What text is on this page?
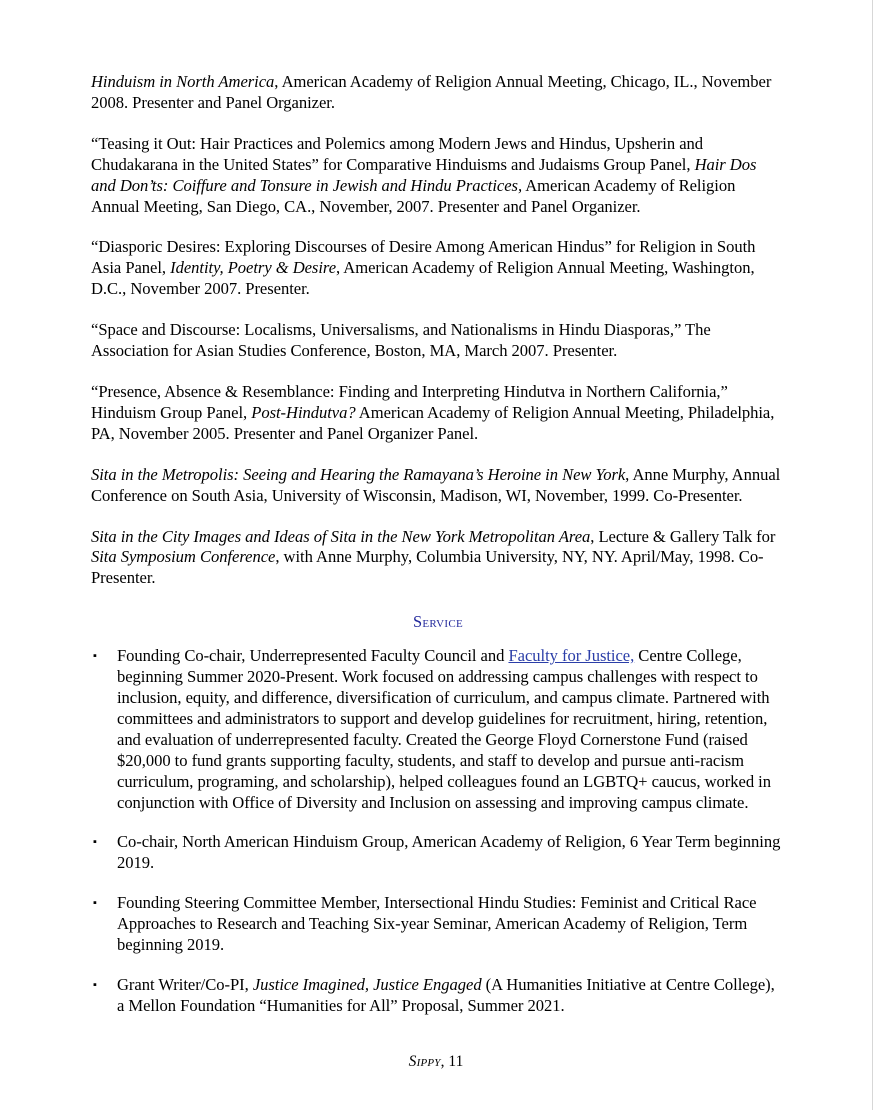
Hinduism in North America, American Academy of Religion Annual Meeting, Chicago, IL., November 2008. Presenter and Panel Organizer.

“Teasing it Out: Hair Practices and Polemics among Modern Jews and Hindus, Upsherin and Chudakarana in the United States” for Comparative Hinduisms and Judaisms Group Panel, Hair Dos and Don’ts: Coiffure and Tonsure in Jewish and Hindu Practices, American Academy of Religion Annual Meeting, San Diego, CA., November, 2007. Presenter and Panel Organizer.

“Diasporic Desires: Exploring Discourses of Desire Among American Hindus” for Religion in South Asia Panel, Identity, Poetry & Desire, American Academy of Religion Annual Meeting, Washington, D.C., November 2007. Presenter.

“Space and Discourse: Localisms, Universalisms, and Nationalisms in Hindu Diasporas,” The Association for Asian Studies Conference, Boston, MA, March 2007. Presenter.

“Presence, Absence & Resemblance: Finding and Interpreting Hindutva in Northern California,” Hinduism Group Panel, Post-Hindutva? American Academy of Religion Annual Meeting, Philadelphia, PA, November 2005. Presenter and Panel Organizer Panel.

Sita in the Metropolis: Seeing and Hearing the Ramayana’s Heroine in New York, Anne Murphy, Annual Conference on South Asia, University of Wisconsin, Madison, WI, November, 1999. Co-Presenter.

Sita in the City Images and Ideas of Sita in the New York Metropolitan Area, Lecture & Gallery Talk for Sita Symposium Conference, with Anne Murphy, Columbia University, NY, NY. April/May, 1998. Co-Presenter.

Service
▪ Founding Co-chair, Underrepresented Faculty Council and Faculty for Justice, Centre College, beginning Summer 2020-Present. Work focused on addressing campus challenges with respect to inclusion, equity, and difference, diversification of curriculum, and campus climate. Partnered with committees and administrators to support and develop guidelines for recruitment, hiring, retention, and evaluation of underrepresented faculty. Created the George Floyd Cornerstone Fund (raised $20,000 to fund grants supporting faculty, students, and staff to develop and pursue anti-racism curriculum, programing, and scholarship), helped colleagues found an LGBTQ+ caucus, worked in conjunction with Office of Diversity and Inclusion on assessing and improving campus climate.
▪ Co-chair, North American Hinduism Group, American Academy of Religion, 6 Year Term beginning 2019.
▪ Founding Steering Committee Member, Intersectional Hindu Studies: Feminist and Critical Race Approaches to Research and Teaching Six-year Seminar, American Academy of Religion, Term beginning 2019.
▪ Grant Writer/Co-PI, Justice Imagined, Justice Engaged (A Humanities Initiative at Centre College), a Mellon Foundation “Humanities for All” Proposal, Summer 2021.
Sippy, 11
